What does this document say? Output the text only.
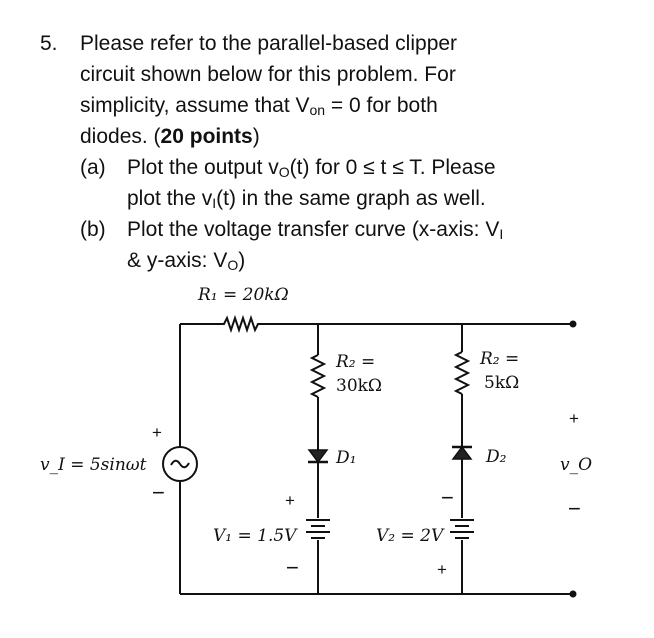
5. Please refer to the parallel-based clipper
circuit shown below for this problem. For
simplicity, assume that $V_{on} = 0$ for both
diodes. (20 points)
(a) Plot the output $v_O(t)$ for 0 ≤ t ≤ T. Please
plot the $v_I(t)$ in the same graph as well.
(b) Plot the voltage transfer curve (x-axis: $V_I$
& y-axis: $V_O$)
R₁ = 20kΩ
R₂ =
30kΩ
R₂ =
5kΩ
D₁	D₂
+
v_I = 5sinωt
−	+
V₁ = 1.5V
−
−
V₂ = 2V
+
+
v_O
−
